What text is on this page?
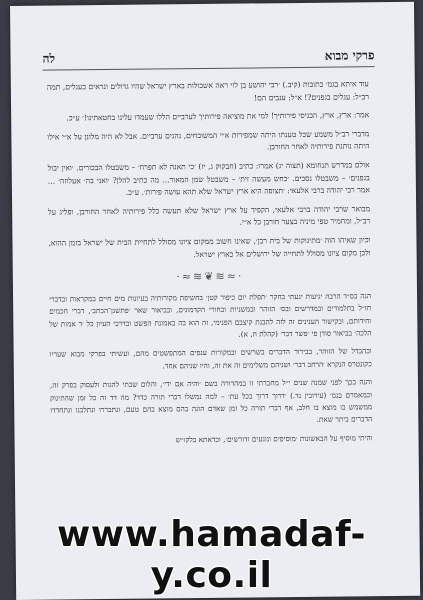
פרקי מבוא
לה

עוד איתא בגמ׳ כתובות (קיב.) ׳רבי יהושע בן לוי ראה אשכולות בארץ ישראל שהיו גדולים ונראים כעגלים, תמה רב״ל: עגלים בגפנים?! א״ל: ענבים הם!

אמר: ארץ, ארץ, הכניסי פירותיך! למי את מוציאה פירותיך לערביים הללו שעמדו עלינו בחטאתינו!׳ ע״כ.

מדברי רב״ל משמע שכל טענתו היתה שמפירות א״י המשובחים, נהנים ערביים. אבל לא היה מלונן על א״י אילו היתה נותנת פירותיה לאחר החורבן.

אולם במדרש תנחומא (תצוה יג) אמרו: כתיב (חבקוק ג, יז) ׳כי תאנה לא תפרח׳ – משבטלו הבכורים. ׳ואין יבול בגפנים׳ – משבטלו נסכים. ׳כחש מעשה זית׳ – משבטל שמן המאור... מה כתיב להלן? ׳ואני בה׳ אעלוזה׳ ... אמר רבי יהודה ברבי אלעאי: ׳תצופה היא ארץ ישראל שלא תהא עושה פירות׳. ע״כ.

מבואר שרבי יהודה ברבי אלעאי, הקפיד על ארץ ישראל שלא תעשה כלל פירותיה לאחר החורבן, ופליג על רב״ל, ומחמיר טפי מיניה בצער חורבן כל א״י.

וכיון שאיהו הוה ׳מתינוקות של בית רבן׳, שאינו חשוב ממקום ציונו מסולל לתחיית הבית של ישראל בזמן ההוא, ולכן מקום ציונו מסולל לתחייה של ירושלים אל כארץ ישראל.

·≈≋❦≋≈·

הנה בס״ד הרבה יגיעות יגעתי בחקר ׳תפלת יום כיפור קטן׳ בחשיפת מקורותיה בעיונות מים חיים במקראות ובדברי חז״ל בתלמודים ובמדרשים ובס׳ הזוהר ובמשניות ובחורי הקדמונים, ובביאור שאר ׳פתשגן־הכתב׳, דברי חכמים וחידותם, ובקישור הענינים זה לזה להבנת קיצבם הפנימי, זה הוא בה באמונת הפשט ובדרכי העיון כל ׳ד אמות של הלכה׳ בביאור סודן פי ׳פשר דבר׳ (קהלת ח, א).

וכהבדל של הזוהר, בבירור הדברים בשרשים ובמקורות ענפים המתפשטים מהם, ועשיתי בפרקי מבוא שעריו כקונטרס הנקרא ׳הרחב דבר׳ ושניהם משלימים זה את זה, והיו שניהם אחד.

והנה בכך לפני שמנה שנים י״ל מחברתי זו במהדורה בשם ׳והיה אם ידי׳, והלום שבתי להגות ולעסוק בפרק זה, וכמאמרם בגמ׳ (עירובין נד.) ׳דרוך דרוך בכל עת׳ – למה נמשלו דברי תורה כדד? מה דד זה כל זמן שהתינוק ממשמש בו מוצא בו חלב, אף דברי תורה כל זמן שאדם הוגה בהם מוצא בהם טעם, ונתבררו ונתלבנו ונתחדדו הדברים ביתר שאת.

והיתי מוסיף על הבאשונות ׳מוסיפים ונוגעים ודורשים׳, וכדאתא בלקו״ש

www.hamadaf-y.co.il
